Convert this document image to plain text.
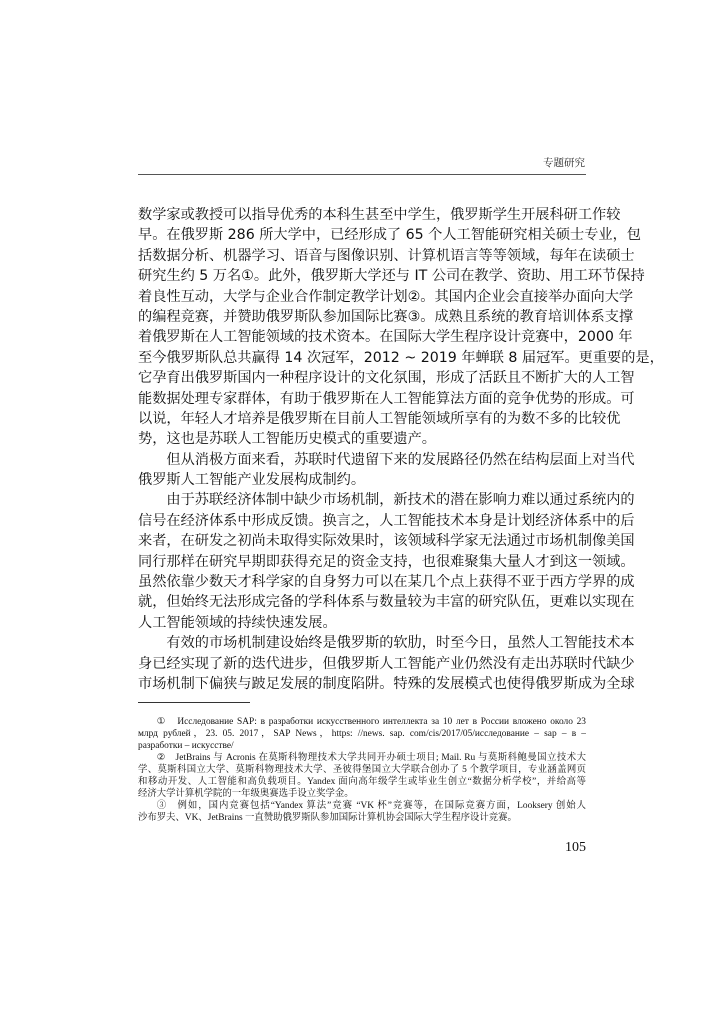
专题研究
数学家或教授可以指导优秀的本科生甚至中学生，俄罗斯学生开展科研工作较
早。在俄罗斯 286 所大学中，已经形成了 65 个人工智能研究相关硕士专业，包
括数据分析、机器学习、语音与图像识别、计算机语言等等领域，每年在读硕士
研究生约 5 万名①。此外，俄罗斯大学还与 IT 公司在教学、资助、用工环节保持
着良性互动，大学与企业合作制定教学计划②。其国内企业会直接举办面向大学
的编程竞赛，并赞助俄罗斯队参加国际比赛③。成熟且系统的教育培训体系支撑
着俄罗斯在人工智能领域的技术资本。在国际大学生程序设计竞赛中，2000 年
至今俄罗斯队总共赢得 14 次冠军，2012 ~ 2019 年蝉联 8 届冠军。更重要的是，
它孕育出俄罗斯国内一种程序设计的文化氛围，形成了活跃且不断扩大的人工智
能数据处理专家群体，有助于俄罗斯在人工智能算法方面的竞争优势的形成。可
以说，年轻人才培养是俄罗斯在目前人工智能领域所享有的为数不多的比较优
势，这也是苏联人工智能历史模式的重要遗产。
但从消极方面来看，苏联时代遗留下来的发展路径仍然在结构层面上对当代
俄罗斯人工智能产业发展构成制约。
由于苏联经济体制中缺少市场机制，新技术的潜在影响力难以通过系统内的
信号在经济体系中形成反馈。换言之，人工智能技术本身是计划经济体系中的后
来者，在研发之初尚未取得实际效果时，该领域科学家无法通过市场机制像美国
同行那样在研究早期即获得充足的资金支持，也很难聚集大量人才到这一领域。
虽然依靠少数天才科学家的自身努力可以在某几个点上获得不亚于西方学界的成
就，但始终无法形成完备的学科体系与数量较为丰富的研究队伍，更难以实现在
人工智能领域的持续快速发展。
有效的市场机制建设始终是俄罗斯的软肋，时至今日，虽然人工智能技术本
身已经实现了新的迭代进步，但俄罗斯人工智能产业仍然没有走出苏联时代缺少
市场机制下偏狭与跛足发展的制度陷阱。特殊的发展模式也使得俄罗斯成为全球
①　Исследование SAP: в разработки искусственного интеллекта за 10 лет в России вложено около 23
млрд рублей，23. 05. 2017，SAP News，https: //news. sap. com/cis/2017/05/исследование – sap – в –
разработки – искусстве/
②　JetBrains 与 Acronis 在莫斯科物理技术大学共同开办硕士项目; Mail. Ru 与莫斯科鲍曼国立技术大
学、莫斯科国立大学、莫斯科物理技术大学、圣彼得堡国立大学联合创办了 5 个教学项目，专业涵盖网页
和移动开发、人工智能和高负载项目。Yandex 面向高年级学生或毕业生创立“数据分析学校”，并给高等
经济大学计算机学院的一年级奥赛选手设立奖学金。
③　例如，国内竞赛包括“Yandex 算法”竞赛 “VK 杯”竞赛等，在国际竞赛方面，Looksery 创始人
沙布罗夫、VK、JetBrains 一直赞助俄罗斯队参加国际计算机协会国际大学生程序设计竞赛。
105
